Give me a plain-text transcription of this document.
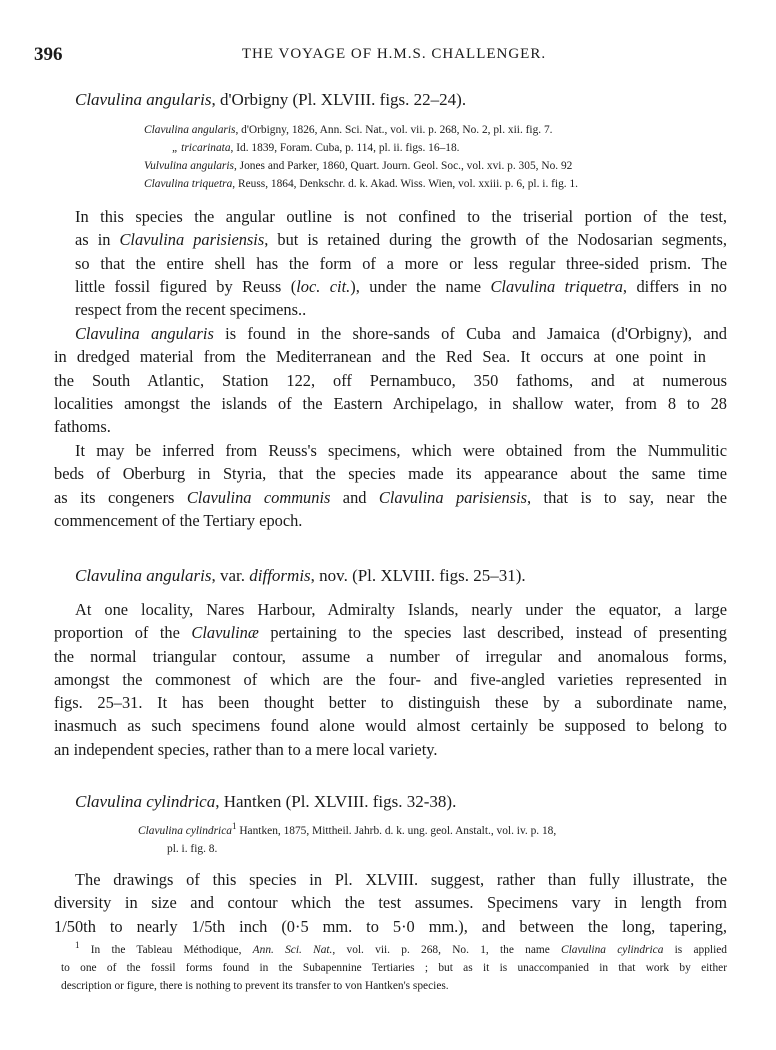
396	THE VOYAGE OF H.M.S. CHALLENGER.
Clavulina angularis, d'Orbigny (Pl. XLVIII. figs. 22–24).
Clavulina angularis, d'Orbigny, 1826, Ann. Sci. Nat., vol. vii. p. 268, No. 2, pl. xii. fig. 7.
„ tricarinata, Id. 1839, Foram. Cuba, p. 114, pl. ii. figs. 16–18.
Vulvulina angularis, Jones and Parker, 1860, Quart. Journ. Geol. Soc., vol. xvi. p. 305, No. 92
Clavulina triquetra, Reuss, 1864, Denkschr. d. k. Akad. Wiss. Wien, vol. xxiii. p. 6, pl. i. fig. 1.
In this species the angular outline is not confined to the triserial portion of the test,
as in Clavulina parisiensis, but is retained during the growth of the Nodosarian segments,
so that the entire shell has the form of a more or less regular three-sided prism. The
little fossil figured by Reuss (loc. cit.), under the name Clavulina triquetra, differs in no
respect from the recent specimens..
Clavulina angularis is found in the shore-sands of Cuba and Jamaica (d'Orbigny), and
in dredged material from the Mediterranean and the Red Sea. It occurs at one point in
the South Atlantic, Station 122, off Pernambuco, 350 fathoms, and at numerous
localities amongst the islands of the Eastern Archipelago, in shallow water, from 8 to 28
fathoms.
It may be inferred from Reuss's specimens, which were obtained from the Nummulitic
beds of Oberburg in Styria, that the species made its appearance about the same time
as its congeners Clavulina communis and Clavulina parisiensis, that is to say, near the
commencement of the Tertiary epoch.
Clavulina angularis, var. difformis, nov. (Pl. XLVIII. figs. 25–31).
At one locality, Nares Harbour, Admiralty Islands, nearly under the equator, a large
proportion of the Clavulinæ pertaining to the species last described, instead of presenting
the normal triangular contour, assume a number of irregular and anomalous forms,
amongst the commonest of which are the four- and five-angled varieties represented in
figs. 25–31. It has been thought better to distinguish these by a subordinate name,
inasmuch as such specimens found alone would almost certainly be supposed to belong to
an independent species, rather than to a mere local variety.
Clavulina cylindrica, Hantken (Pl. XLVIII. figs. 32-38).
Clavulina cylindrica$^1$ Hantken, 1875, Mittheil. Jahrb. d. k. ung. geol. Anstalt., vol. iv. p. 18,
pl. i. fig. 8.
The drawings of this species in Pl. XLVIII. suggest, rather than fully illustrate, the
diversity in size and contour which the test assumes. Specimens vary in length from
1/50th to nearly 1/5th inch (0·5 mm. to 5·0 mm.), and between the long, tapering,
$^1$ In the Tableau Méthodique, Ann. Sci. Nat., vol. vii. p. 268, No. 1, the name Clavulina cylindrica is applied
to one of the fossil forms found in the Subapennine Tertiaries ; but as it is unaccompanied in that work by either
description or figure, there is nothing to prevent its transfer to von Hantken's species.
